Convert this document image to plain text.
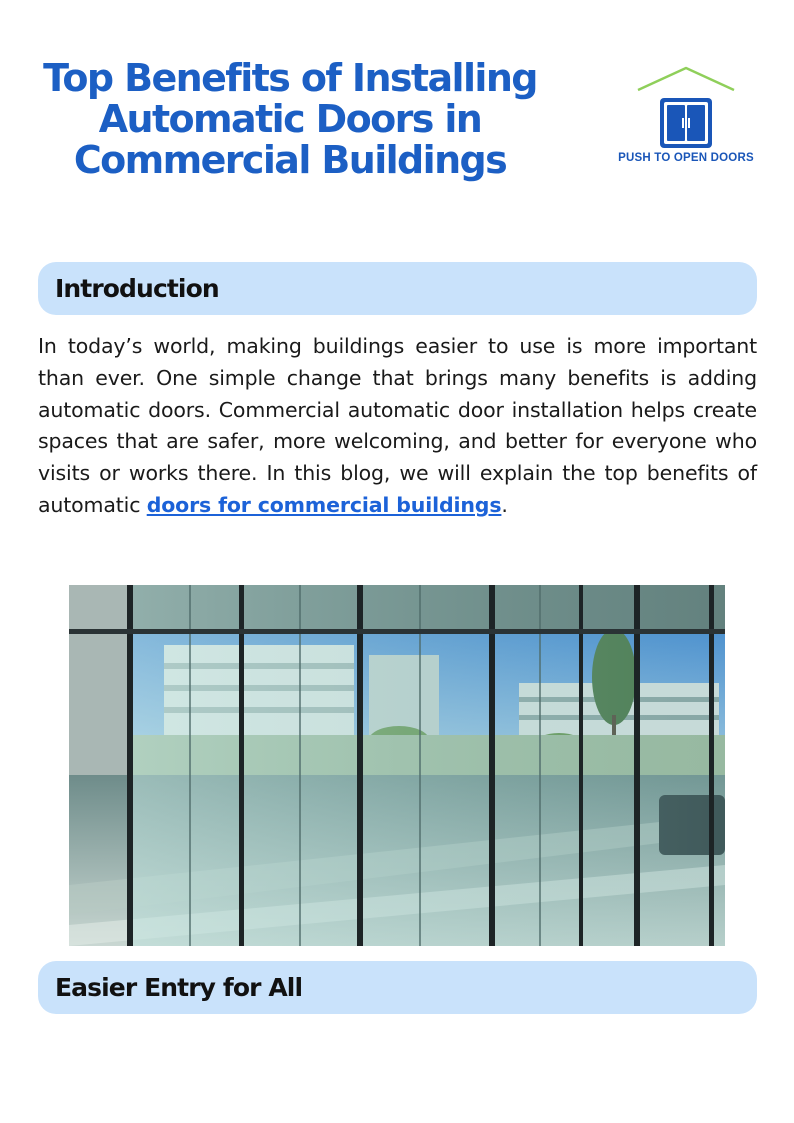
Top Benefits of Installing
Automatic Doors in
Commercial Buildings	PUSH TO OPEN DOORS
Introduction

In today’s world, making buildings easier to use is more important than ever. One simple change that brings many benefits is adding automatic doors. Commercial automatic door installation helps create spaces that are safer, more welcoming, and better for everyone who visits or works there. In this blog, we will explain the top benefits of automatic doors for commercial buildings.

Easier Entry for All
